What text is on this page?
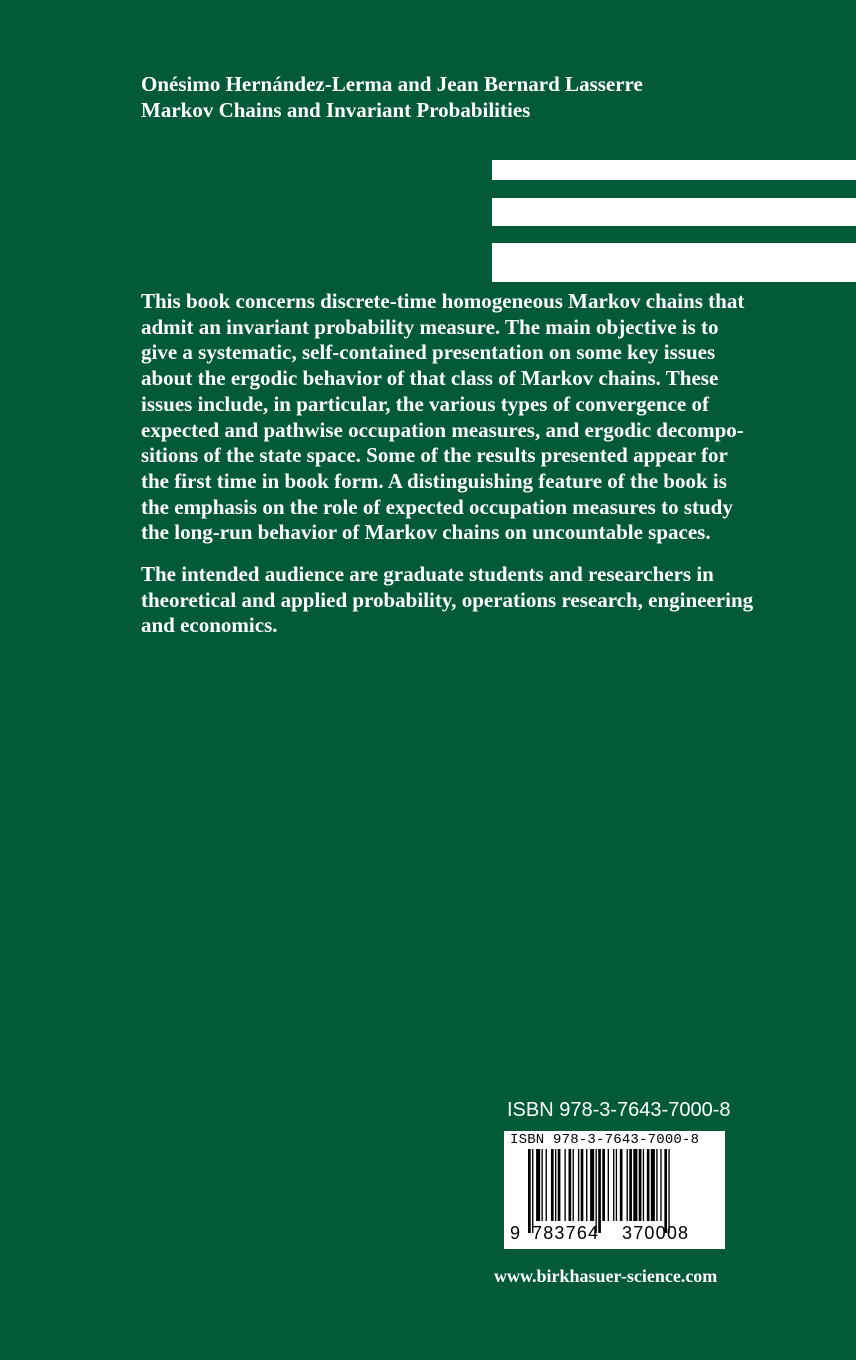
Onésimo Hernández-Lerma and Jean Bernard Lasserre
Markov Chains and Invariant Probabilities
This book concerns discrete-time homogeneous Markov chains that
admit an invariant probability measure. The main objective is to
give a systematic, self-contained presentation on some key issues
about the ergodic behavior of that class of Markov chains. These
issues include, in particular, the various types of convergence of
expected and pathwise occupation measures, and ergodic decompo-
sitions of the state space. Some of the results presented appear for
the first time in book form. A distinguishing feature of the book is
the emphasis on the role of expected occupation measures to study
the long-run behavior of Markov chains on uncountable spaces.
The intended audience are graduate students and researchers in
theoretical and applied probability, operations research, engineering
and economics.
ISBN 978-3-7643-7000-8
ISBN 978-3-7643-7000-8
9 783764 370008
www.birkhasuer-science.com
